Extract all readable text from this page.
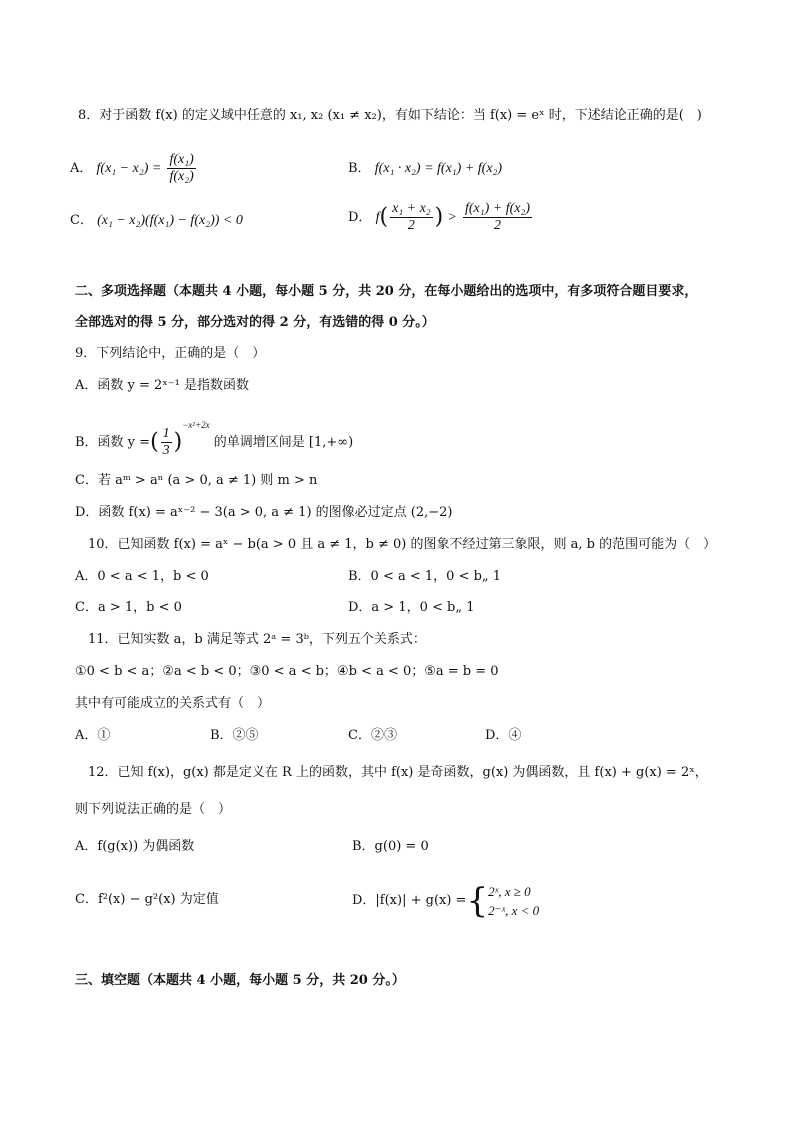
8．对于函数 f(x) 的定义域中任意的 x₁, x₂ (x₁ ≠ x₂)，有如下结论：当 f(x) = eˣ 时，下述结论正确的是(　)
A． $f(x_1 - x_2) = \frac{\text{f(x₁)}}{\text{f(x₂)}}$	B． f(x₁ · x₂) = f(x₁) + f(x₂)
C． (x₁ − x₂)(f(x₁) − f(x₂)) < 0	D． $f( \frac{\text{x₁ + x₂}}{2}$ ) > $\frac{\text{f(x₁) + f(x₂)}}{2}$
二、多项选择题（本题共 4 小题，每小题 5 分，共 20 分，在每小题给出的选项中，有多项符合题目要求，
全部选对的得 5 分，部分选对的得 2 分，有选错的得 0 分。）
9．下列结论中，正确的是（　）
A．函数 y = 2ˣ⁻¹ 是指数函数
B．函数 y =( $\frac{1}{3} )^{-x^2+2x}$ 的单调增区间是 [1,+∞)
C．若 aᵐ > aⁿ (a > 0, a ≠ 1) 则 m > n
D．函数 f(x) = aˣ⁻² − 3(a > 0, a ≠ 1) 的图像必过定点 (2,−2)
10．已知函数 f(x) = aˣ − b(a > 0 且 a ≠ 1，b ≠ 0) 的图象不经过第三象限，则 a, b 的范围可能为（　）
A．0 < a < 1，b < 0	B．0 < a < 1，0 < b„ 1
C．a > 1，b < 0	D．a > 1，0 < b„ 1
11．已知实数 a，b 满足等式 2ᵃ = 3ᵇ，下列五个关系式：
①0 < b < a；②a < b < 0；③0 < a < b；④b < a < 0；⑤a = b = 0
其中有可能成立的关系式有（　）
A．①	B．②⑤	C．②③	D．④
12．已知 f(x)，g(x) 都是定义在 R 上的函数，其中 f(x) 是奇函数，g(x) 为偶函数，且 f(x) + g(x) = 2ˣ，
则下列说法正确的是（　）
A．f(g(x)) 为偶函数	B．g(0) = 0
C．f²(x) − g²(x) 为定值	D．|f(x)| + g(x) ={ 2ˣ, x ≥ 0
2⁻ˣ, x < 0
三、填空题（本题共 4 小题，每小题 5 分，共 20 分。）
